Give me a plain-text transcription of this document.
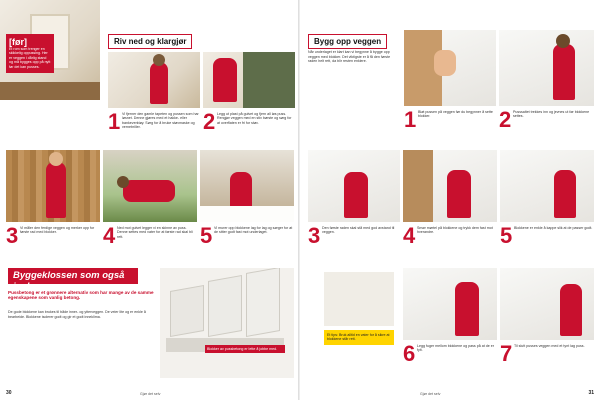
[før]
Et rom som trenger en skikkelig oppussing. Her er veggen i dårlig stand og må bygges opp på nytt før det kan pusses.
Riv ned og klargjør
1 Vi fjerner den gamle tapeten og pussen som har løsnet. Denne gjøres med et hakke- eller bankeverktøy. Sørg for å bruke støvmaske og vernebriller.	2 Legg ut plast på gulvet og fjern all løs puss. Rengjør veggen med en stiv børste og sørg for at overflaten er fri for støv.
3 Vi måler den ferdige veggen og merker opp for første rad med blokker.	4 Ned mot gulvet legger vi en skinne av puss. Denne settes med vater for at første rad skal bli rett.	5 Vi murer opp blokkene lag for lag og sørger for at de sitter godt fast mot underlaget.
Byggeklossen som også isolerer
Pussbetong er et grønnere alternativ som har mange av de samme egenskapene som vanlig betong.
De gode blokkene kan brukes til både inner- og ytterveggen. De veier lite og er enkle å bearbeide. Blokkene isolerer godt og gir et godt inneklima.
Blokker av pussbetong er lette å jobbe med.
30	Gjør det selv
Bygg opp veggen
Når underlaget er klart kan vi begynne å bygge opp veggen med blokker. Det viktigste er å få den første raden helt rett, da blir resten enklere.
1 Bløt pussen på veggen før du begynner å sette blokker.	2 Pusssaltet trekkes inn og jevnes ut før blokkene settes.
3 Den første raden skal stå med god avstand til veggen.	4 Smør mørtel på blokkene og trykk dem fast mot hverandre.	5 Blokkene er enkle å kappe slik at de passer godt.
6 Legg fuger mellom blokkene og pass på at de er fylt.	7 Til slutt pusses veggen med et tynt lag puss.
Et tips: Bruk alltid en vater for å sikre at blokkene står rett.
Gjør det selv	31
